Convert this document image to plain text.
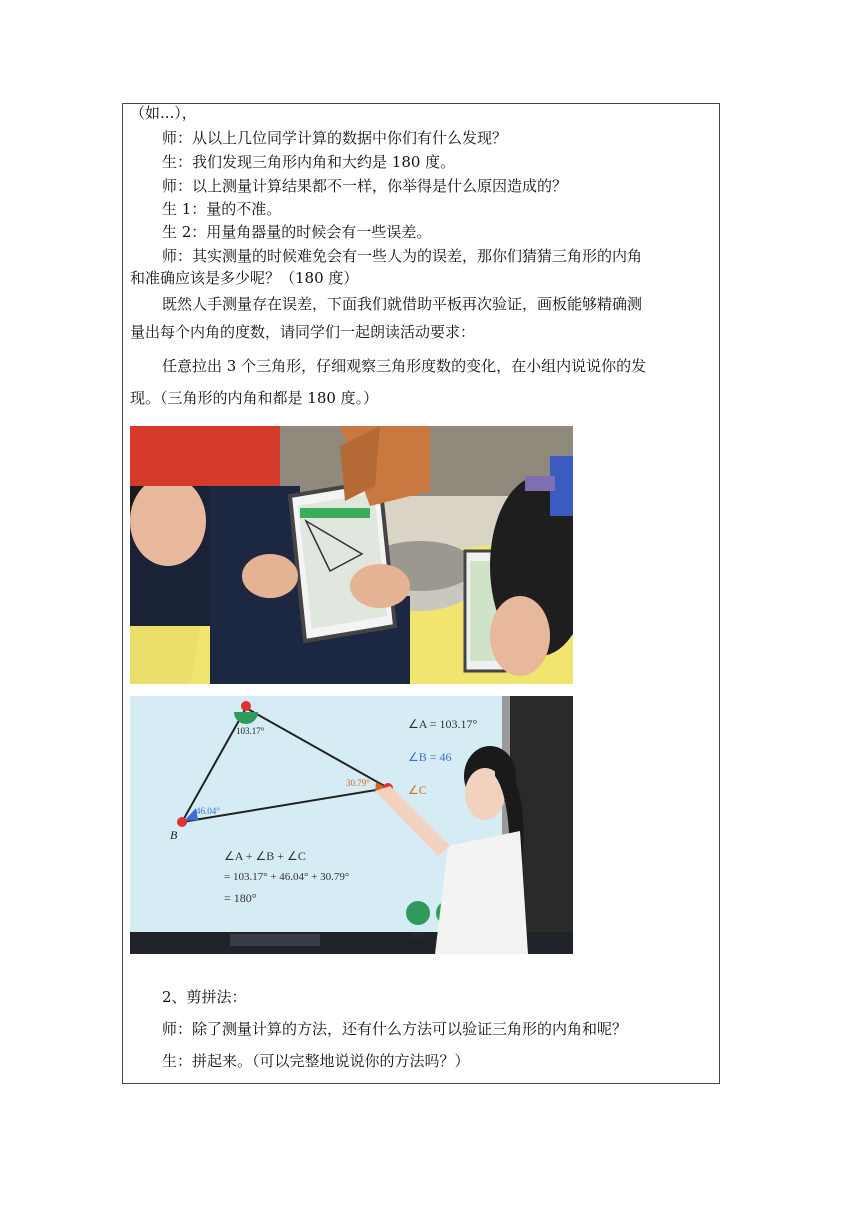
（如...），
师：从以上几位同学计算的数据中你们有什么发现？
生：我们发现三角形内角和大约是 180 度。
师：以上测量计算结果都不一样，你举得是什么原因造成的？
生 1：量的不准。
生 2：用量角器量的时候会有一些误差。
师：其实测量的时候难免会有一些人为的误差，那你们猜猜三角形的内角
和准确应该是多少呢？（180 度）
既然人手测量存在误差，下面我们就借助平板再次验证，画板能够精确测
量出每个内角的度数，请同学们一起朗读活动要求：
任意拉出 3 个三角形，仔细观察三角形度数的变化，在小组内说说你的发
现。（三角形的内角和都是 180 度。）
103.17°
46.04°
30.79°
B
∠A = 103.17°
∠B = 46
∠C
∠A + ∠B + ∠C
= 103.17° + 46.04° + 30.79°
= 180°
结论
2、剪拼法：
师：除了测量计算的方法，还有什么方法可以验证三角形的内角和呢？
生：拼起来。（可以完整地说说你的方法吗？）
